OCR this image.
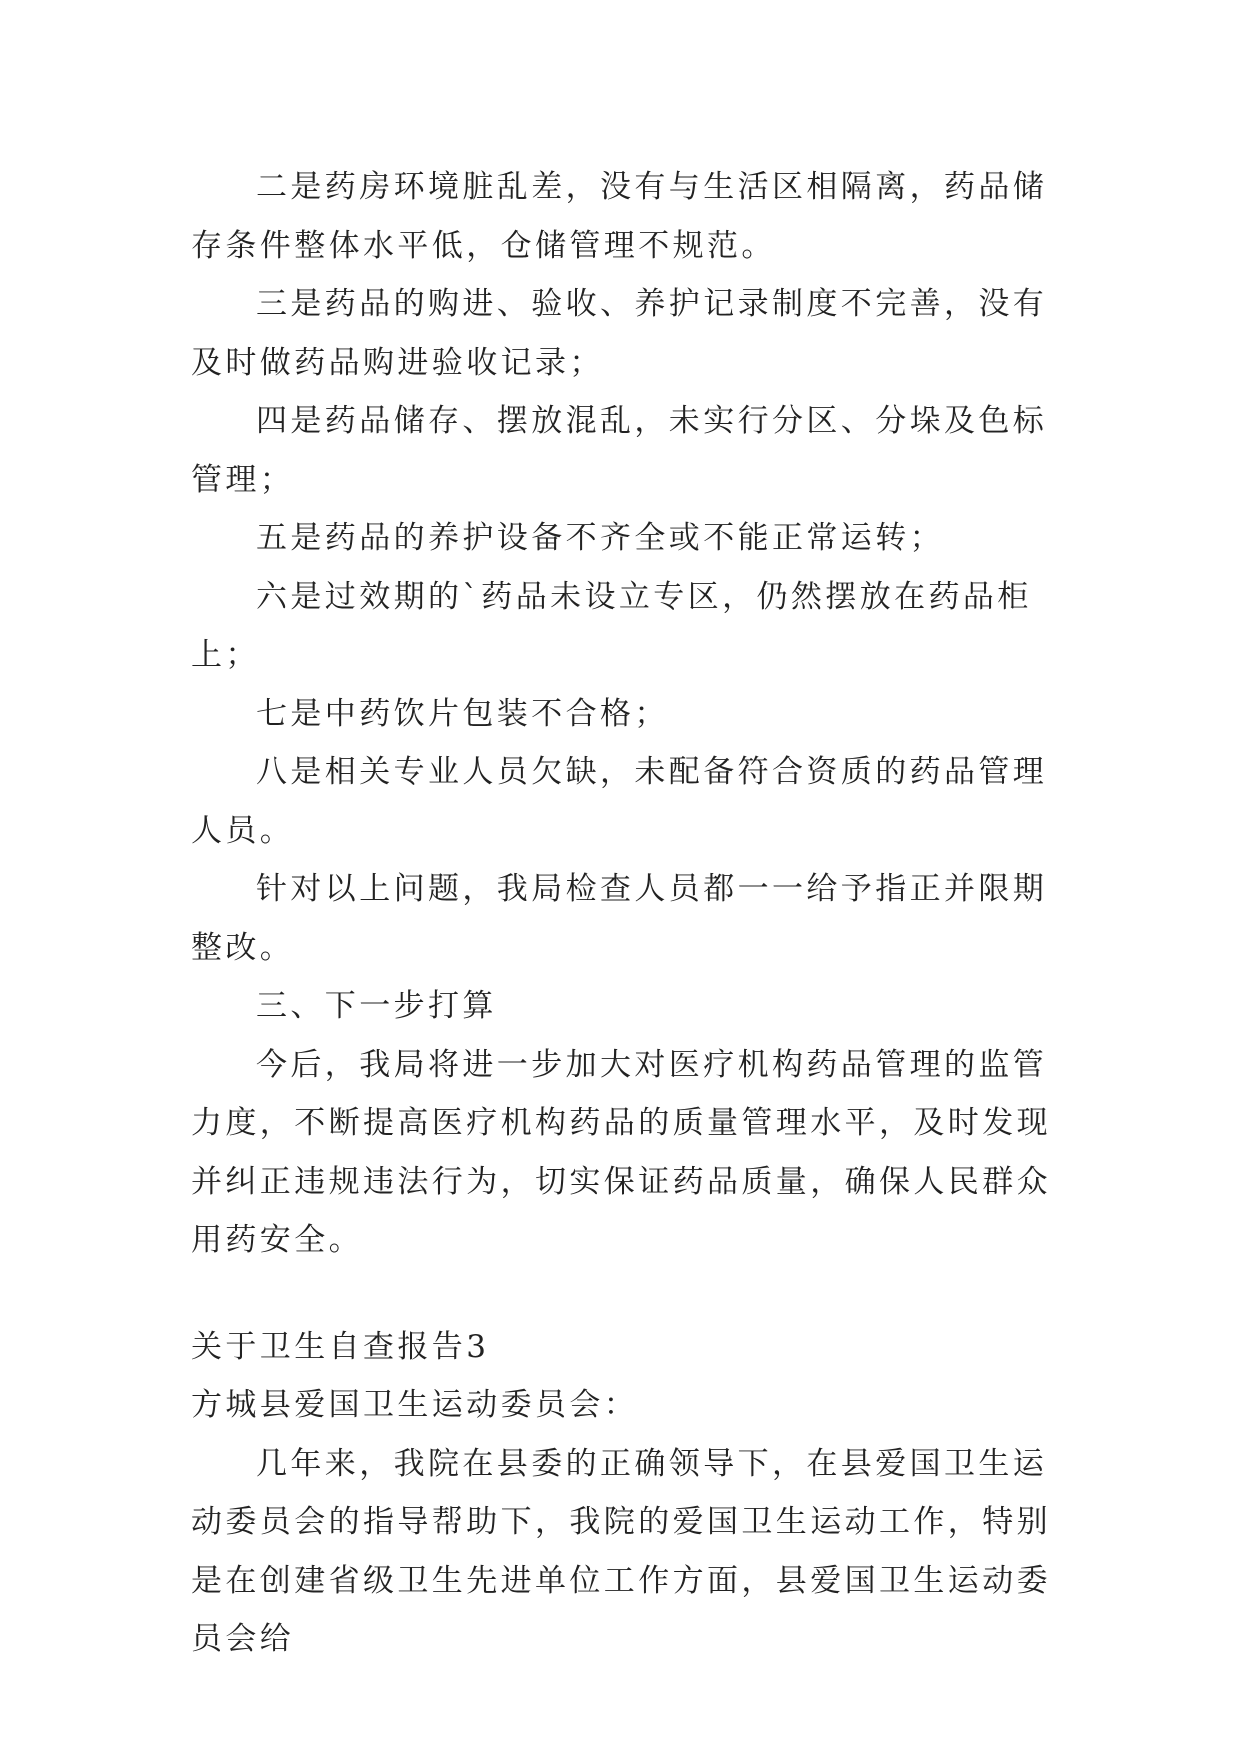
二是药房环境脏乱差，没有与生活区相隔离，药品储存条件整体水平低，仓储管理不规范。

三是药品的购进、验收、养护记录制度不完善，没有及时做药品购进验收记录；

四是药品储存、摆放混乱，未实行分区、分垛及色标管理；

五是药品的养护设备不齐全或不能正常运转；

六是过效期的`药品未设立专区，仍然摆放在药品柜上；

七是中药饮片包装不合格；

八是相关专业人员欠缺，未配备符合资质的药品管理人员。

针对以上问题，我局检查人员都一一给予指正并限期整改。

三、下一步打算

今后，我局将进一步加大对医疗机构药品管理的监管力度，不断提高医疗机构药品的质量管理水平，及时发现并纠正违规违法行为，切实保证药品质量，确保人民群众用药安全。

关于卫生自查报告3

方城县爱国卫生运动委员会：

几年来，我院在县委的正确领导下，在县爱国卫生运动委员会的指导帮助下，我院的爱国卫生运动工作，特别是在创建省级卫生先进单位工作方面，县爱国卫生运动委员会给
